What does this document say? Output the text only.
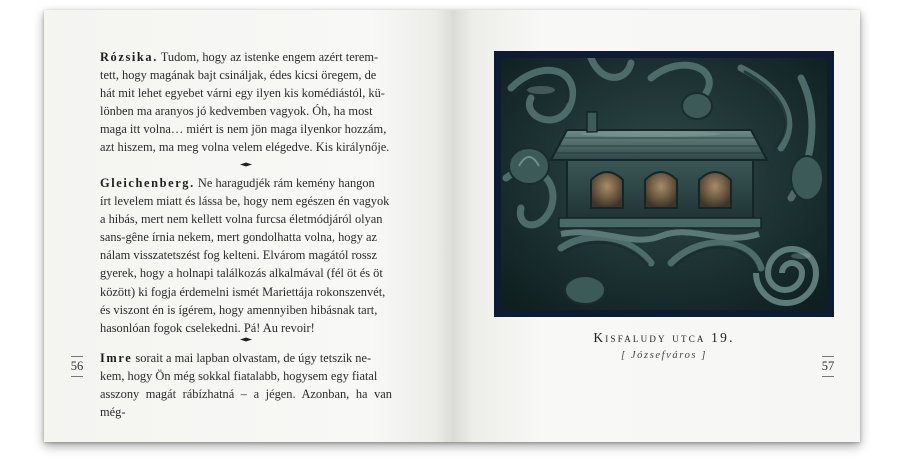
Rózsika. Tudom, hogy az istenke engem azért terem-
tett, hogy magának bajt csináljak, édes kicsi öregem, de
hát mit lehet egyebet várni egy ilyen kis komédiástól, kü-
lönben ma aranyos jó kedvemben vagyok. Óh, ha most
maga itt volna… miért is nem jön maga ilyenkor hozzám,
azt hiszem, ma meg volna velem elégedve. Kis királynője.
Gleichenberg. Ne haragudjék rám kemény hangon
írt levelem miatt és lássa be, hogy nem egészen én vagyok
a hibás, mert nem kellett volna furcsa életmódjáról olyan
sans-gêne írnia nekem, mert gondolhatta volna, hogy az
nálam visszatetszést fog kelteni. Elvárom magától rossz
gyerek, hogy a holnapi találkozás alkalmával (fél öt és öt
között) ki fogja érdemelni ismét Mariettája rokonszenvét,
és viszont én is ígérem, hogy amennyiben hibásnak tart,
hasonlóan fogok cselekedni. Pá! Au revoir!
Imre sorait a mai lapban olvastam, de úgy tetszik ne-
kem, hogy Ön még sokkal fiatalabb, hogysem egy fiatal
asszony magát rábízhatná – a jégen. Azonban, ha van még-
56
Kisfaludy utca 19.
[ Józsefváros ]
57
